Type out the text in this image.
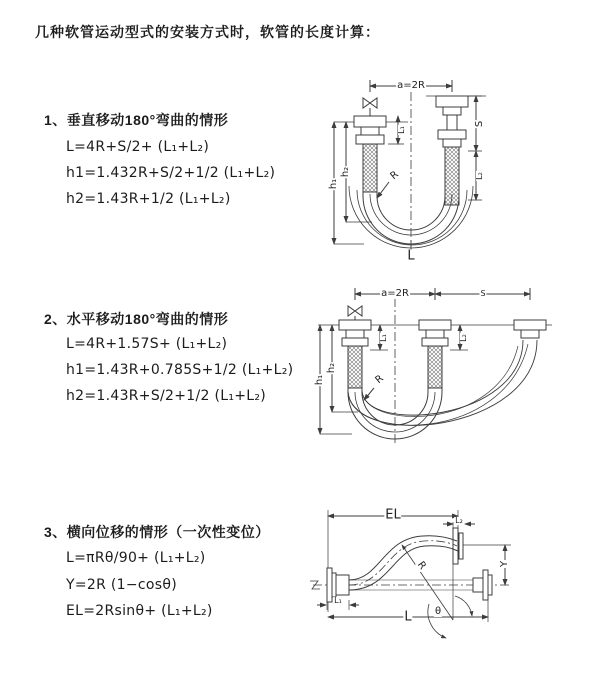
几种软管运动型式的安装方式时，软管的长度计算：
1、垂直移动180°弯曲的情形
L=4R+S/2+ (L₁+L₂)
h1=1.432R+S/2+1/2 (L₁+L₂)
h2=1.43R+1/2 (L₁+L₂)
2、水平移动180°弯曲的情形
L=4R+1.57S+ (L₁+L₂)
h1=1.43R+0.785S+1/2 (L₁+L₂)
h2=1.43R+S/2+1/2 (L₁+L₂)
3、横向位移的情形（一次性变位）
L=πRθ/90+ (L₁+L₂)
Y=2R (1−cosθ)
EL=2Rsinθ+ (L₁+L₂)
a=2R
h₁
h₂
L₁
S
L₂
R
L
a=2R	S
L₁	L₂
h₁
h₂
R
EL	L₂
Y
R
θ
L
L₁
